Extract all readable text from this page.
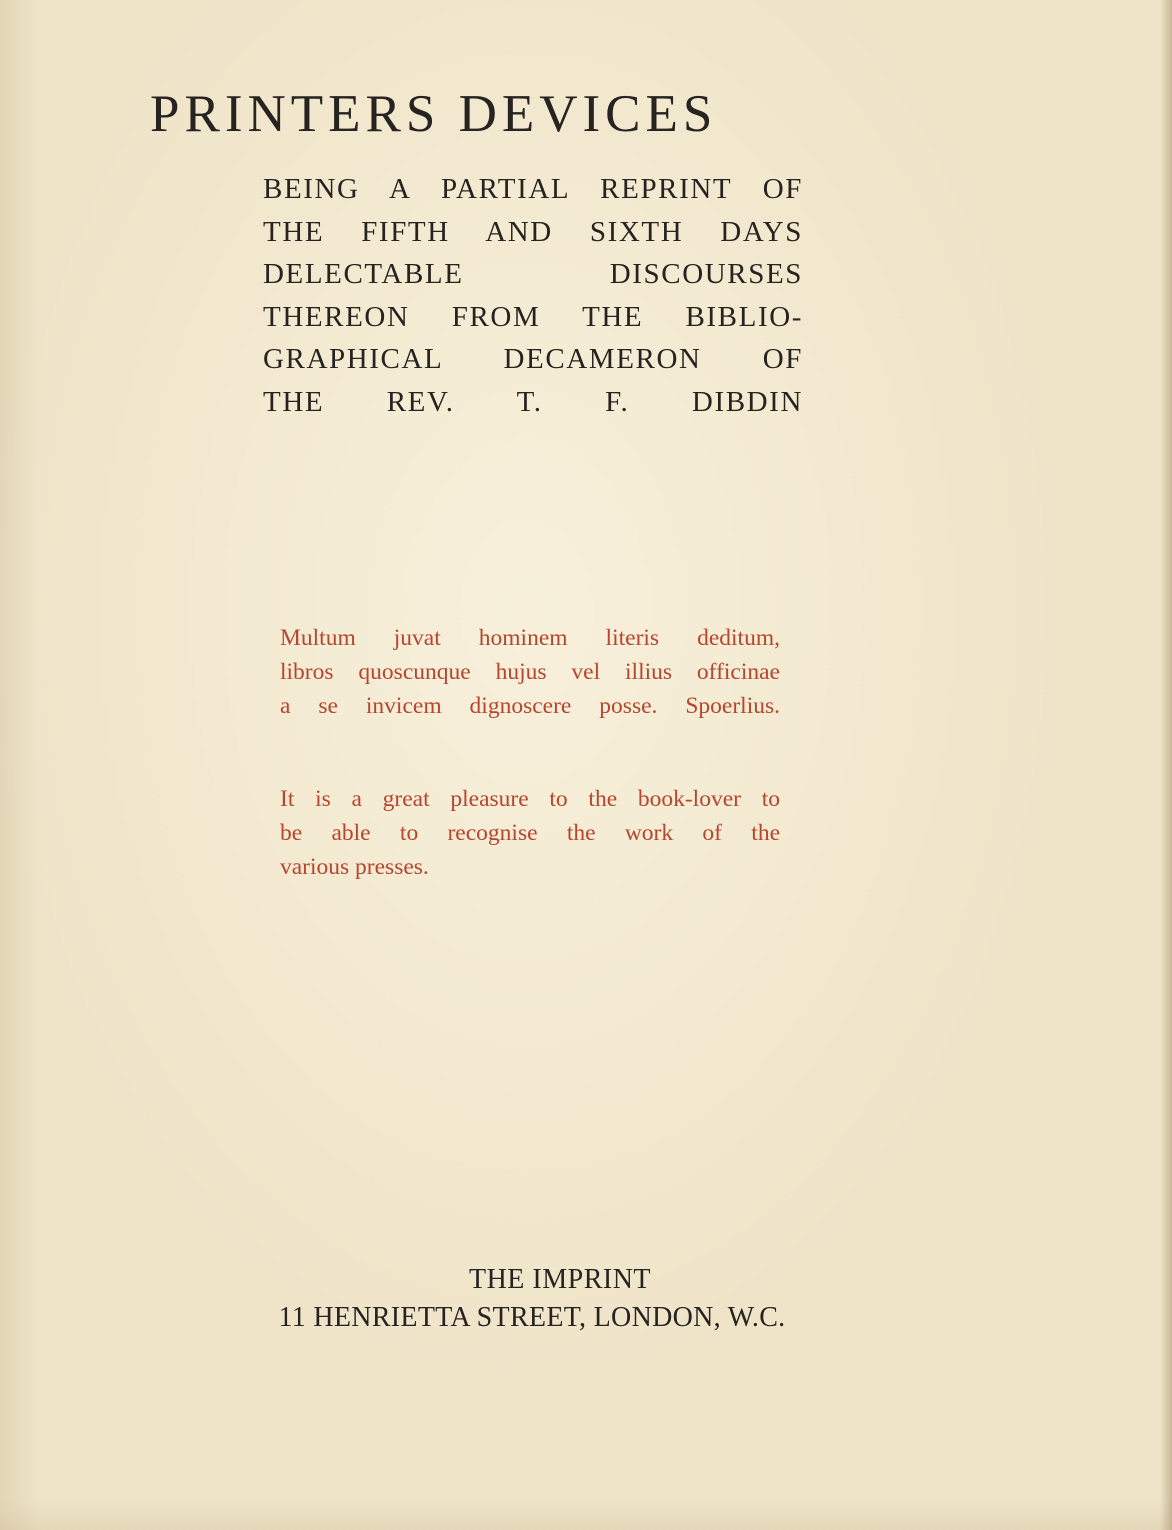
PRINTERS DEVICES
BEING A PARTIAL REPRINT OF
THE FIFTH AND SIXTH DAYS
DELECTABLE DISCOURSES
THEREON FROM THE BIBLIO-
GRAPHICAL DECAMERON OF
THE REV. T. F. DIBDIN
Multum juvat hominem literis deditum,
libros quoscunque hujus vel illius officinae
a se invicem dignoscere posse. Spoerlius.
It is a great pleasure to the book-lover to
be able to recognise the work of the
various presses.
THE IMPRINT
11 HENRIETTA STREET, LONDON, W.C.
